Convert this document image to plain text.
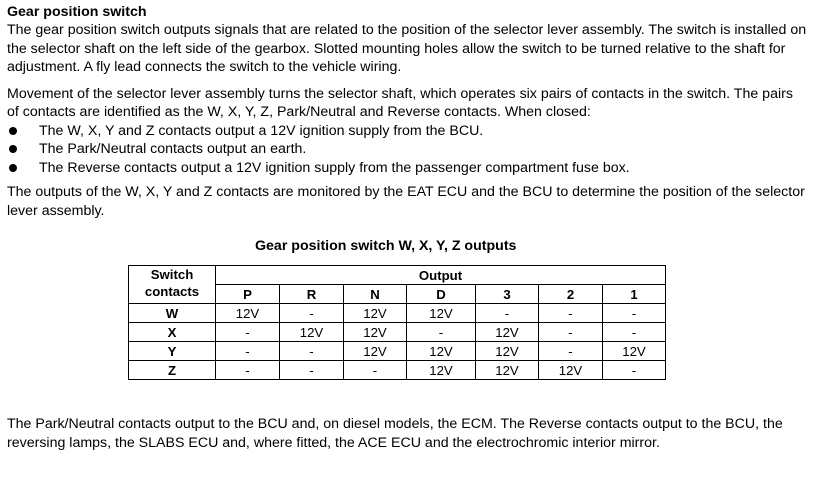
Gear position switch

The gear position switch outputs signals that are related to the position of the selector lever assembly. The switch is installed on the selector shaft on the left side of the gearbox. Slotted mounting holes allow the switch to be turned relative to the shaft for adjustment. A fly lead connects the switch to the vehicle wiring.

Movement of the selector lever assembly turns the selector shaft, which operates six pairs of contacts in the switch. The pairs of contacts are identified as the W, X, Y, Z, Park/Neutral and Reverse contacts. When closed:

The W, X, Y and Z contacts output a 12V ignition supply from the BCU.
The Park/Neutral contacts output an earth.
The Reverse contacts output a 12V ignition supply from the passenger compartment fuse box.

The outputs of the W, X, Y and Z contacts are monitored by the EAT ECU and the BCU to determine the position of the selector lever assembly.

Gear position switch W, X, Y, Z outputs
Switch
contacts	Output						
	P	R	N	D	3	2	1
W	12V	-	12V	12V	-	-	-
X	-	12V	12V	-	12V	-	-
Y	-	-	12V	12V	12V	-	12V
Z	-	-	-	12V	12V	12V	-

The Park/Neutral contacts output to the BCU and, on diesel models, the ECM. The Reverse contacts output to the BCU, the reversing lamps, the SLABS ECU and, where fitted, the ACE ECU and the electrochromic interior mirror.
